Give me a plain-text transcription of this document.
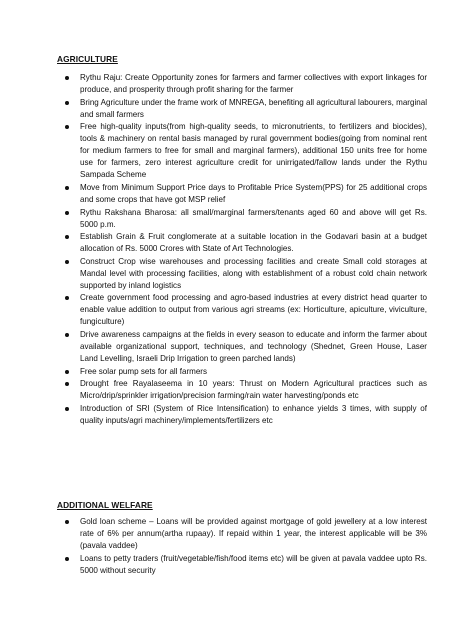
AGRICULTURE
Rythu Raju: Create Opportunity zones for farmers and farmer collectives with export linkages for produce, and prosperity through profit sharing for the farmer
Bring Agriculture under the frame work of MNREGA, benefiting all agricultural labourers, marginal and small farmers
Free high-quality inputs(from high-quality seeds, to micronutrients, to fertilizers and biocides), tools & machinery on rental basis managed by rural government bodies(going from nominal rent for medium farmers to free for small and marginal farmers), additional 150 units free for home use for farmers, zero interest agriculture credit for unirrigated/fallow lands under the Rythu Sampada Scheme
Move from Minimum Support Price days to Profitable Price System(PPS) for 25 additional crops and some crops that have got MSP relief
Rythu Rakshana Bharosa: all small/marginal farmers/tenants aged 60 and above will get Rs. 5000 p.m.
Establish Grain & Fruit conglomerate at a suitable location in the Godavari basin at a budget allocation of Rs. 5000 Crores with State of Art Technologies.
Construct Crop wise warehouses and processing facilities and create Small cold storages at Mandal level with processing facilities, along with establishment of a robust cold chain network supported by inland logistics
Create government food processing and agro-based industries at every district head quarter to enable value addition to output from various agri streams (ex: Horticulture, apiculture, viviculture, fungiculture)
Drive awareness campaigns at the fields in every season to educate and inform the farmer about available organizational support, techniques, and technology (Shednet, Green House, Laser Land Levelling, Israeli Drip Irrigation to green parched lands)
Free solar pump sets for all farmers
Drought free Rayalaseema in 10 years: Thrust on Modern Agricultural practices such as Micro/drip/sprinkler irrigation/precision farming/rain water harvesting/ponds etc
Introduction of SRI (System of Rice Intensification) to enhance yields 3 times, with supply of quality inputs/agri machinery/implements/fertilizers etc
ADDITIONAL WELFARE
Gold loan scheme – Loans will be provided against mortgage of gold jewellery at a low interest rate of 6% per annum(artha rupaay). If repaid within 1 year, the interest applicable will be 3% (pavala vaddee)
Loans to petty traders (fruit/vegetable/fish/food items etc) will be given at pavala vaddee upto Rs. 5000 without security
